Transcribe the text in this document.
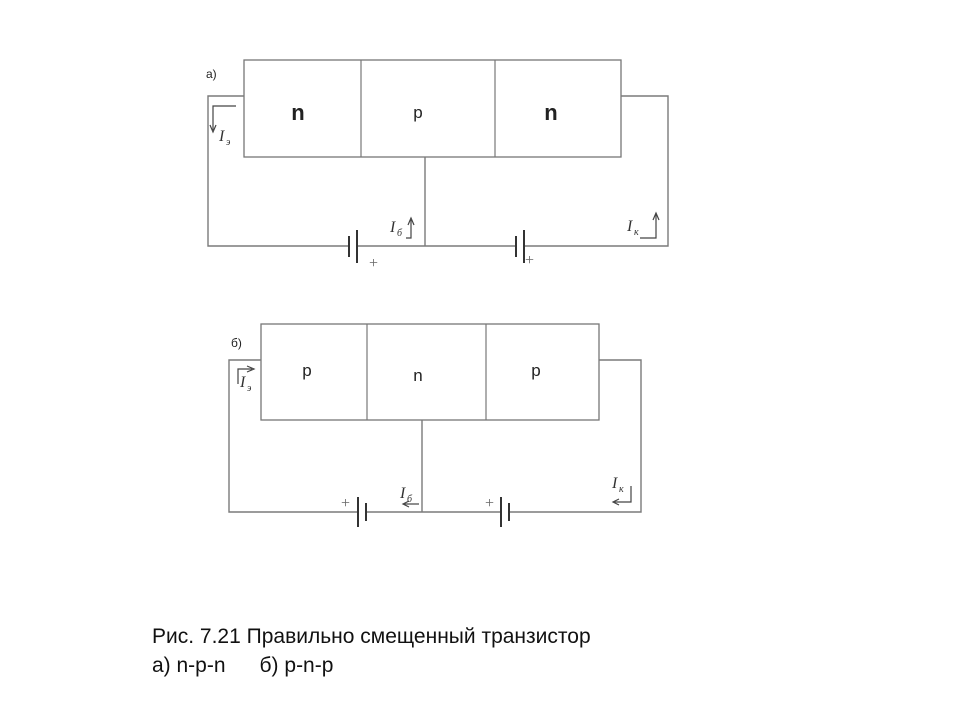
а)
n	p	n
+	+
I э
I б	I к
б)
p	n	p
+	+
I э
I б
I к
Рис. 7.21 Правильно смещенный транзистор
а) n-p-n б) p-n-p
